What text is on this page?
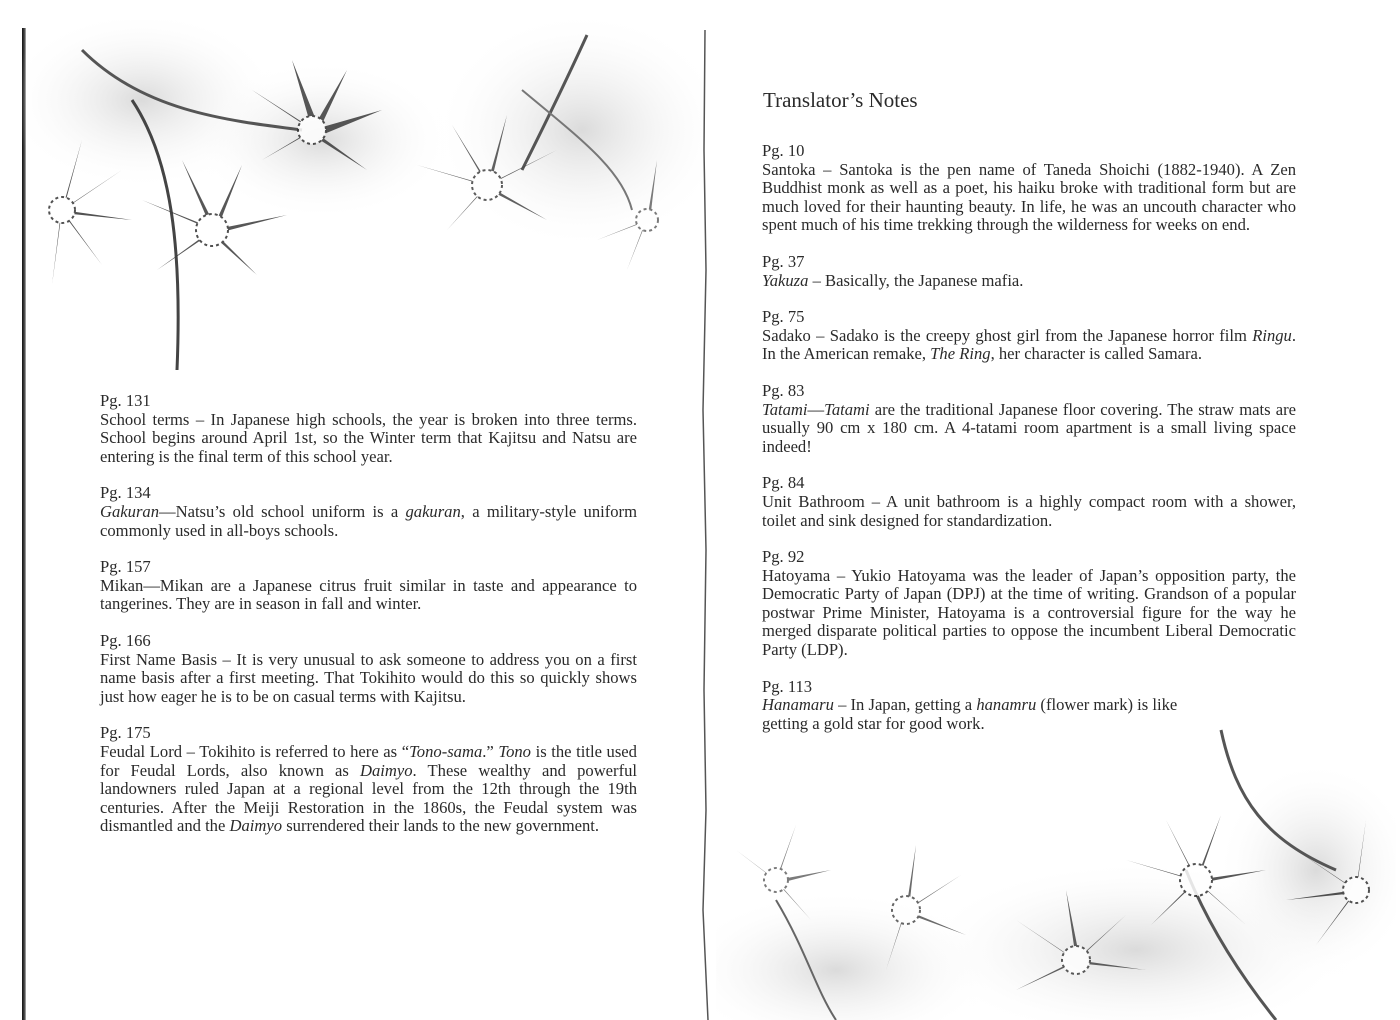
Pg. 131
School terms – In Japanese high schools, the year is broken into three terms. School begins around April 1st, so the Winter term that Kajitsu and Natsu are entering is the final term of this school year.
Pg. 134
Gakuran—Natsu’s old school uniform is a gakuran, a military-style uniform commonly used in all-boys schools.
Pg. 157
Mikan—Mikan are a Japanese citrus fruit similar in taste and appearance to tangerines. They are in season in fall and winter.
Pg. 166
First Name Basis – It is very unusual to ask someone to address you on a first name basis after a first meeting. That Tokihito would do this so quickly shows just how eager he is to be on casual terms with Kajitsu.
Pg. 175
Feudal Lord – Tokihito is referred to here as “Tono-sama.” Tono is the title used for Feudal Lords, also known as Daimyo. These wealthy and powerful landowners ruled Japan at a regional level from the 12th through the 19th centuries. After the Meiji Restoration in the 1860s, the Feudal system was dismantled and the Daimyo surrendered their lands to the new government.
Translator’s Notes
Pg. 10
Santoka – Santoka is the pen name of Taneda Shoichi (1882-1940). A Zen Buddhist monk as well as a poet, his haiku broke with traditional form but are much loved for their haunting beauty. In life, he was an uncouth character who spent much of his time trekking through the wilderness for weeks on end.
Pg. 37
Yakuza – Basically, the Japanese mafia.
Pg. 75
Sadako – Sadako is the creepy ghost girl from the Japanese horror film Ringu. In the American remake, The Ring, her character is called Samara.
Pg. 83
Tatami—Tatami are the traditional Japanese floor covering. The straw mats are usually 90 cm x 180 cm. A 4-tatami room apartment is a small living space indeed!
Pg. 84
Unit Bathroom – A unit bathroom is a highly compact room with a shower, toilet and sink designed for standardization.
Pg. 92
Hatoyama – Yukio Hatoyama was the leader of Japan’s opposition party, the Democratic Party of Japan (DPJ) at the time of writing. Grandson of a popular postwar Prime Minister, Hatoyama is a controversial figure for the way he merged disparate political parties to oppose the incumbent Liberal Democratic Party (LDP).
Pg. 113
Hanamaru – In Japan, getting a hanamru (flower mark) is like getting a gold star for good work.
